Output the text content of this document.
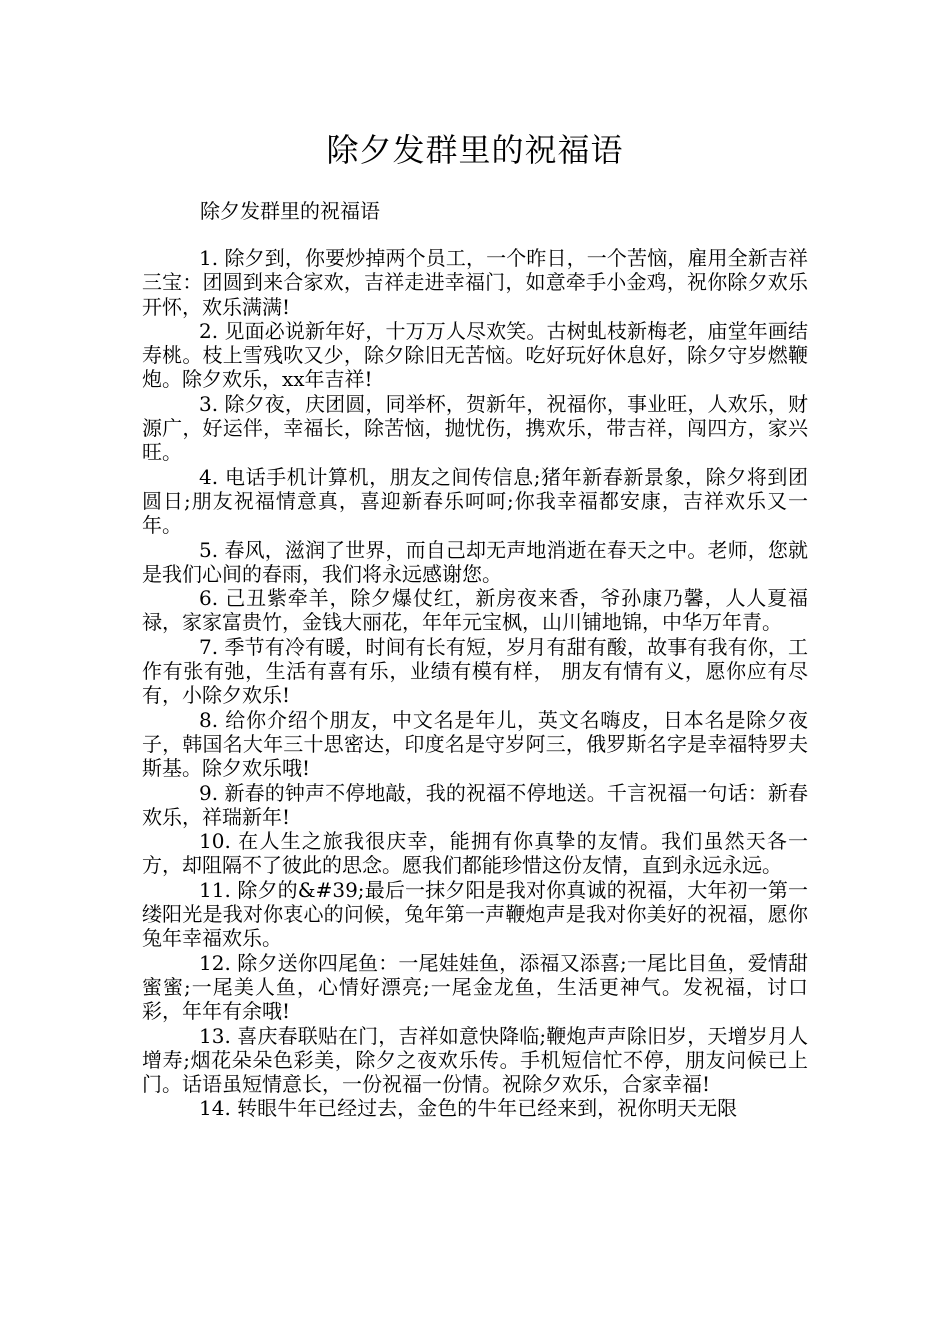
除夕发群里的祝福语

除夕发群里的祝福语

1. 除夕到，你要炒掉两个员工，一个昨日，一个苦恼，雇用全新吉祥三宝：团圆到来合家欢，吉祥走进幸福门，如意牵手小金鸡，祝你除夕欢乐开怀，欢乐满满!

2. 见面必说新年好，十万万人尽欢笑。古树虬枝新梅老，庙堂年画结寿桃。枝上雪残吹又少，除夕除旧无苦恼。吃好玩好休息好，除夕守岁燃鞭炮。除夕欢乐，xx年吉祥!

3. 除夕夜，庆团圆，同举杯，贺新年，祝福你，事业旺，人欢乐，财源广，好运伴，幸福长，除苦恼，抛忧伤，携欢乐，带吉祥，闯四方，家兴旺。

4. 电话手机计算机，朋友之间传信息;猪年新春新景象，除夕将到团圆日;朋友祝福情意真，喜迎新春乐呵呵;你我幸福都安康，吉祥欢乐又一年。

5. 春风，滋润了世界，而自己却无声地消逝在春天之中。老师，您就是我们心间的春雨，我们将永远感谢您。

6. 己丑紫牵羊，除夕爆仗红，新房夜来香，爷孙康乃馨，人人夏福禄，家家富贵竹，金钱大丽花，年年元宝枫，山川铺地锦，中华万年青。

7. 季节有冷有暖，时间有长有短，岁月有甜有酸，故事有我有你，工作有张有弛，生活有喜有乐，业绩有模有样， 朋友有情有义，愿你应有尽有，小除夕欢乐!

8. 给你介绍个朋友，中文名是年儿，英文名嗨皮，日本名是除夕夜子，韩国名大年三十思密达，印度名是守岁阿三，俄罗斯名字是幸福特罗夫斯基。除夕欢乐哦!

9. 新春的钟声不停地敲，我的祝福不停地送。千言祝福一句话：新春欢乐，祥瑞新年!

10. 在人生之旅我很庆幸，能拥有你真挚的友情。我们虽然天各一方，却阻隔不了彼此的思念。愿我们都能珍惜这份友情，直到永远永远。

11. 除夕的&#39;最后一抹夕阳是我对你真诚的祝福，大年初一第一缕阳光是我对你衷心的问候，兔年第一声鞭炮声是我对你美好的祝福，愿你兔年幸福欢乐。

12. 除夕送你四尾鱼：一尾娃娃鱼，添福又添喜;一尾比目鱼，爱情甜蜜蜜;一尾美人鱼，心情好漂亮;一尾金龙鱼，生活更神气。发祝福，讨口彩，年年有余哦!

13. 喜庆春联贴在门，吉祥如意快降临;鞭炮声声除旧岁，天增岁月人增寿;烟花朵朵色彩美，除夕之夜欢乐传。手机短信忙不停，朋友问候已上门。话语虽短情意长，一份祝福一份情。祝除夕欢乐，合家幸福!

14. 转眼牛年已经过去，金色的牛年已经来到，祝你明天无限
